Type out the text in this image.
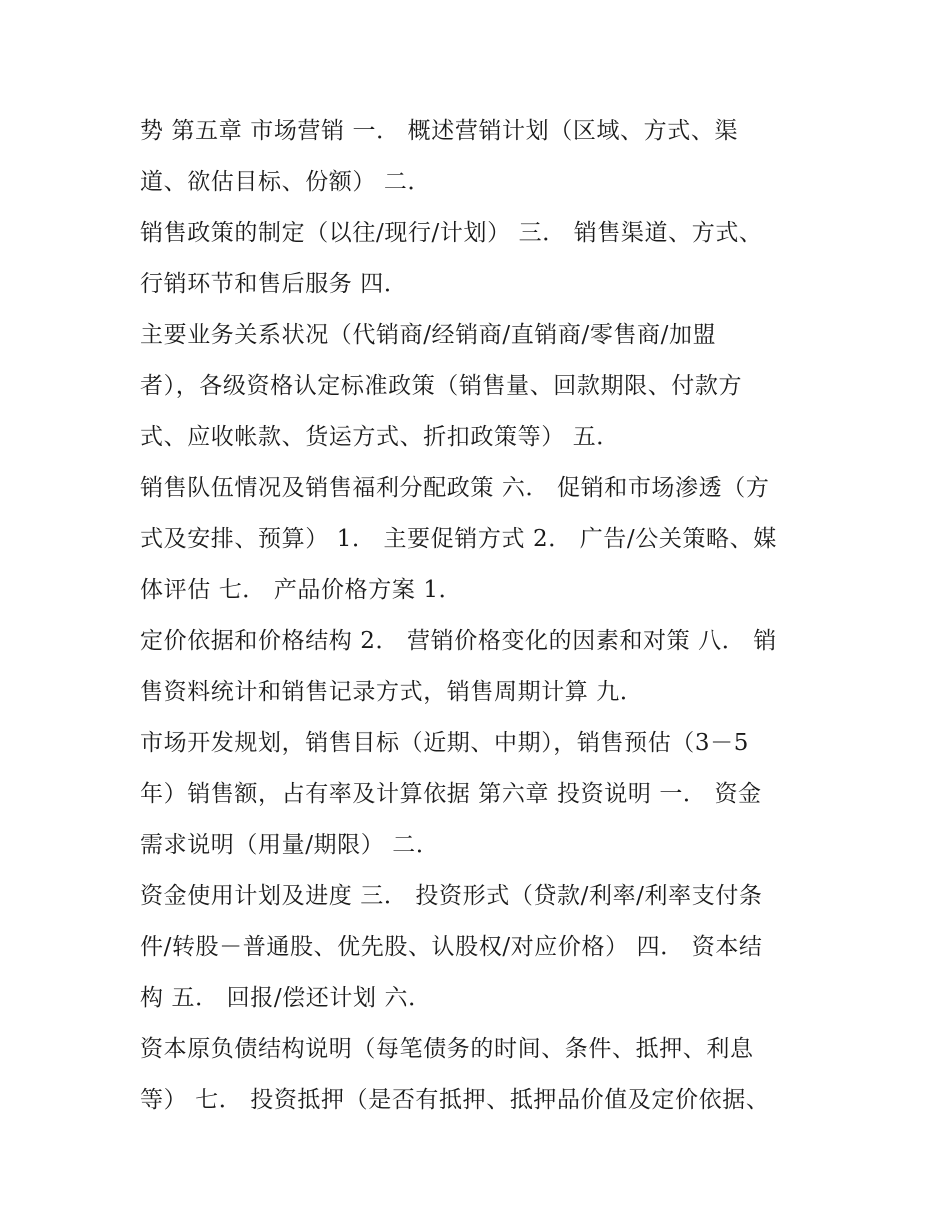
势 第五章 市场营销 一． 概述营销计划（区域、方式、渠
道、欲估目标、份额） 二．
销售政策的制定（以往/现行/计划） 三． 销售渠道、方式、
行销环节和售后服务 四．
主要业务关系状况（代销商/经销商/直销商/零售商/加盟
者），各级资格认定标准政策（销售量、回款期限、付款方
式、应收帐款、货运方式、折扣政策等） 五．
销售队伍情况及销售福利分配政策 六． 促销和市场渗透（方
式及安排、预算） 1． 主要促销方式 2． 广告/公关策略、媒
体评估 七． 产品价格方案 1．
定价依据和价格结构 2． 营销价格变化的因素和对策 八． 销
售资料统计和销售记录方式，销售周期计算 九．
市场开发规划，销售目标（近期、中期），销售预估（3－5
年）销售额，占有率及计算依据 第六章 投资说明 一． 资金
需求说明（用量/期限） 二．
资金使用计划及进度 三． 投资形式（贷款/利率/利率支付条
件/转股－普通股、优先股、认股权/对应价格） 四． 资本结
构 五． 回报/偿还计划 六．
资本原负债结构说明（每笔债务的时间、条件、抵押、利息
等） 七． 投资抵押（是否有抵押、抵押品价值及定价依据、
